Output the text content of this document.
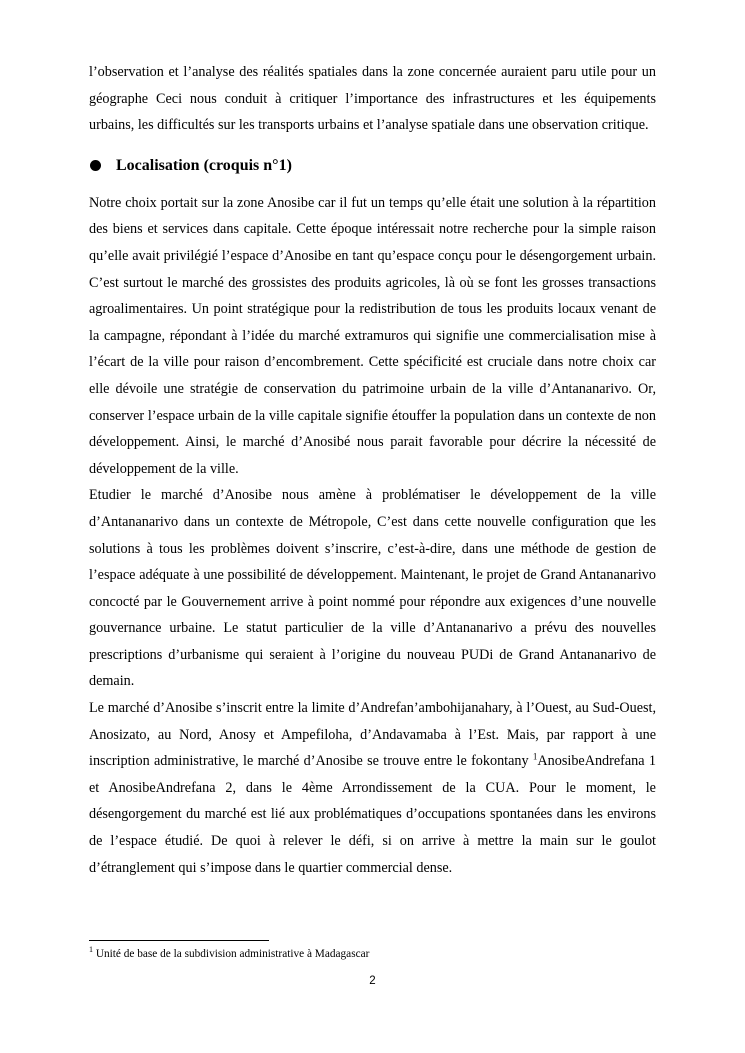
l’observation et l’analyse des réalités spatiales dans la zone concernée auraient paru utile pour un géographe Ceci nous conduit à critiquer l’importance des infrastructures et les équipements urbains, les difficultés sur les transports urbains et l’analyse spatiale dans une observation critique.

Localisation (croquis n°1)

Notre choix portait sur la zone Anosibe car il fut un temps qu’elle était une solution à la répartition des biens et services dans capitale. Cette époque intéressait notre recherche pour la simple raison qu’elle avait privilégié l’espace d’Anosibe en tant qu’espace conçu pour le désengorgement urbain. C’est surtout le marché des grossistes des produits agricoles, là où se font les grosses transactions agroalimentaires. Un point stratégique pour la redistribution de tous les produits locaux venant de la campagne, répondant à l’idée du marché extramuros qui signifie une commercialisation mise à l’écart de la ville pour raison d’encombrement. Cette spécificité est cruciale dans notre choix car elle dévoile une stratégie de conservation du patrimoine urbain de la ville d’Antananarivo. Or, conserver l’espace urbain de la ville capitale signifie étouffer la population dans un contexte de non développement. Ainsi, le marché d’Anosibé nous parait favorable pour décrire la nécessité de développement de la ville.

Etudier le marché d’Anosibe nous amène à problématiser le développement de la ville d’Antananarivo dans un contexte de Métropole, C’est dans cette nouvelle configuration que les solutions à tous les problèmes doivent s’inscrire, c’est-à-dire, dans une méthode de gestion de l’espace adéquate à une possibilité de développement. Maintenant, le projet de Grand Antananarivo concocté par le Gouvernement arrive à point nommé pour répondre aux exigences d’une nouvelle gouvernance urbaine. Le statut particulier de la ville d’Antananarivo a prévu des nouvelles prescriptions d’urbanisme qui seraient à l’origine du nouveau PUDi de Grand Antananarivo de demain.

Le marché d’Anosibe s’inscrit entre la limite d’Andrefan’ambohijanahary, à l’Ouest, au Sud-Ouest, Anosizato, au Nord, Anosy et Ampefiloha, d’Andavamaba à l’Est. Mais, par rapport à une inscription administrative, le marché d’Anosibe se trouve entre le fokontany $^1$AnosibeAndrefana 1 et AnosibeAndrefana 2, dans le 4ème Arrondissement de la CUA. Pour le moment, le désengorgement du marché est lié aux problématiques d’occupations spontanées dans les environs de l’espace étudié. De quoi à relever le défi, si on arrive à mettre la main sur le goulot d’étranglement qui s’impose dans le quartier commercial dense.

$^1$ Unité de base de la subdivision administrative à Madagascar
2
